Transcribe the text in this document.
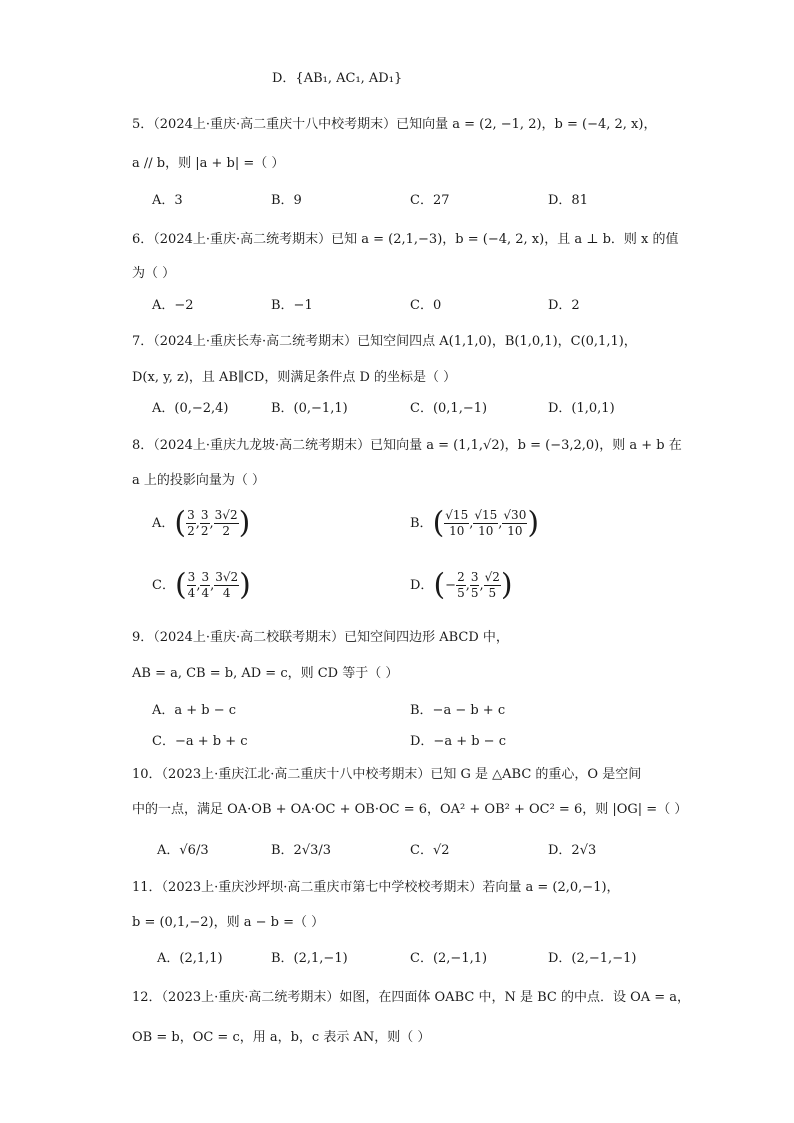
D．{AB₁, AC₁, AD₁}
5．（2024上·重庆·高二重庆十八中校考期末）已知向量 a = (2, −1, 2)，b = (−4, 2, x)，
a // b，则 |a + b| =（ ）
A．3	B．9	C．27	D．81
6．（2024上·重庆·高二统考期末）已知 a = (2,1,−3)，b = (−4, 2, x)，且 a ⊥ b．则 x 的值
为（ ）
A．−2	B．−1	C．0	D．2
7．（2024上·重庆长寿·高二统考期末）已知空间四点 A(1,1,0)，B(1,0,1)，C(0,1,1)，
D(x, y, z)，且 AB∥CD，则满足条件点 D 的坐标是（ ）
A．(0,−2,4)	B．(0,−1,1)	C．(0,1,−1)	D．(1,0,1)
8．（2024上·重庆九龙坡·高二统考期末）已知向量 a = (1,1,√2)，b = (−3,2,0)，则 a + b 在
a 上的投影向量为（ ）
A．( $\frac{3}{2}$ , $\frac{3}{2}$ , $\frac{3√2}{2}$ )	B．( $\frac{√15}{10}$ , $\frac{√15}{10}$ , $\frac{√30}{10}$ )
C．( $\frac{3}{4}$ , $\frac{3}{4}$ , $\frac{3√2}{4}$ )	D．(− $\frac{2}{5}$ , $\frac{3}{5}$ , $\frac{√2}{5}$ )
9．（2024上·重庆·高二校联考期末）已知空间四边形 ABCD 中，
AB = a, CB = b, AD = c，则 CD 等于（ ）
A．a + b − c	B．−a − b + c
C．−a + b + c	D．−a + b − c
10．（2023上·重庆江北·高二重庆十八中校考期末）已知 G 是 △ABC 的重心，O 是空间
中的一点，满足 OA·OB + OA·OC + OB·OC = 6，OA² + OB² + OC² = 6，则 |OG| =（ ）
A．√6/3	B．2√3/3	C．√2	D．2√3
11．（2023上·重庆沙坪坝·高二重庆市第七中学校校考期末）若向量 a = (2,0,−1)，
b = (0,1,−2)，则 a − b =（ ）
A．(2,1,1)	B．(2,1,−1)	C．(2,−1,1)	D．(2,−1,−1)
12．（2023上·重庆·高二统考期末）如图，在四面体 OABC 中，N 是 BC 的中点．设 OA = a，
OB = b，OC = c，用 a，b，c 表示 AN，则（ ）
